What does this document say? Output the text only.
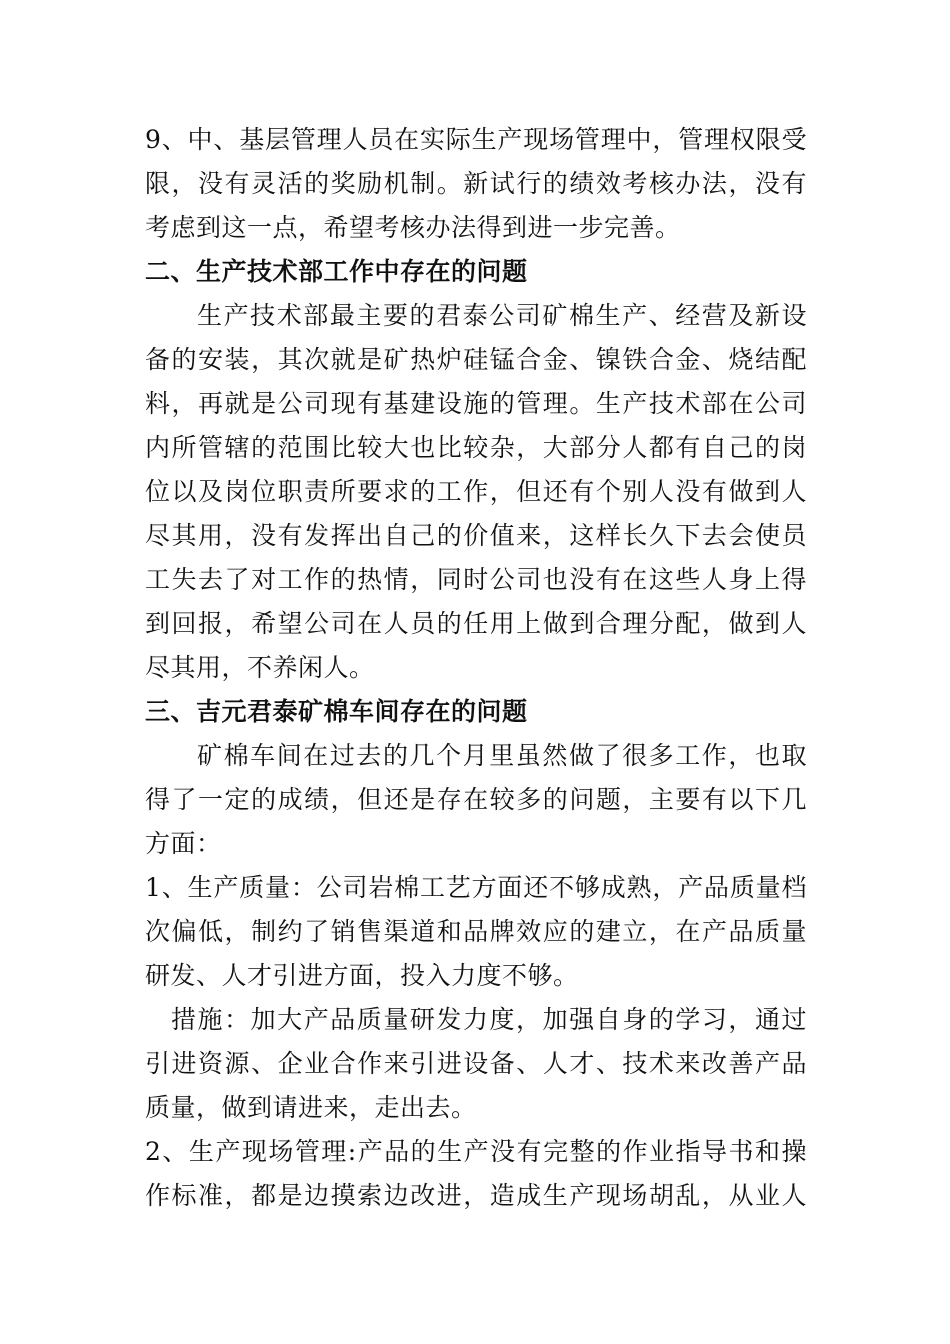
9、中、基层管理人员在实际生产现场管理中，管理权限受
限，没有灵活的奖励机制。新试行的绩效考核办法，没有
考虑到这一点，希望考核办法得到进一步完善。
二、生产技术部工作中存在的问题
生产技术部最主要的君泰公司矿棉生产、经营及新设
备的安装，其次就是矿热炉硅锰合金、镍铁合金、烧结配
料，再就是公司现有基建设施的管理。生产技术部在公司
内所管辖的范围比较大也比较杂，大部分人都有自己的岗
位以及岗位职责所要求的工作，但还有个别人没有做到人
尽其用，没有发挥出自己的价值来，这样长久下去会使员
工失去了对工作的热情，同时公司也没有在这些人身上得
到回报，希望公司在人员的任用上做到合理分配，做到人
尽其用，不养闲人。
三、吉元君泰矿棉车间存在的问题
矿棉车间在过去的几个月里虽然做了很多工作，也取
得了一定的成绩，但还是存在较多的问题，主要有以下几
方面：
1、生产质量：公司岩棉工艺方面还不够成熟，产品质量档
次偏低，制约了销售渠道和品牌效应的建立，在产品质量
研发、人才引进方面，投入力度不够。
措施：加大产品质量研发力度，加强自身的学习，通过
引进资源、企业合作来引进设备、人才、技术来改善产品
质量，做到请进来，走出去。
2、生产现场管理:产品的生产没有完整的作业指导书和操
作标准，都是边摸索边改进，造成生产现场胡乱，从业人
